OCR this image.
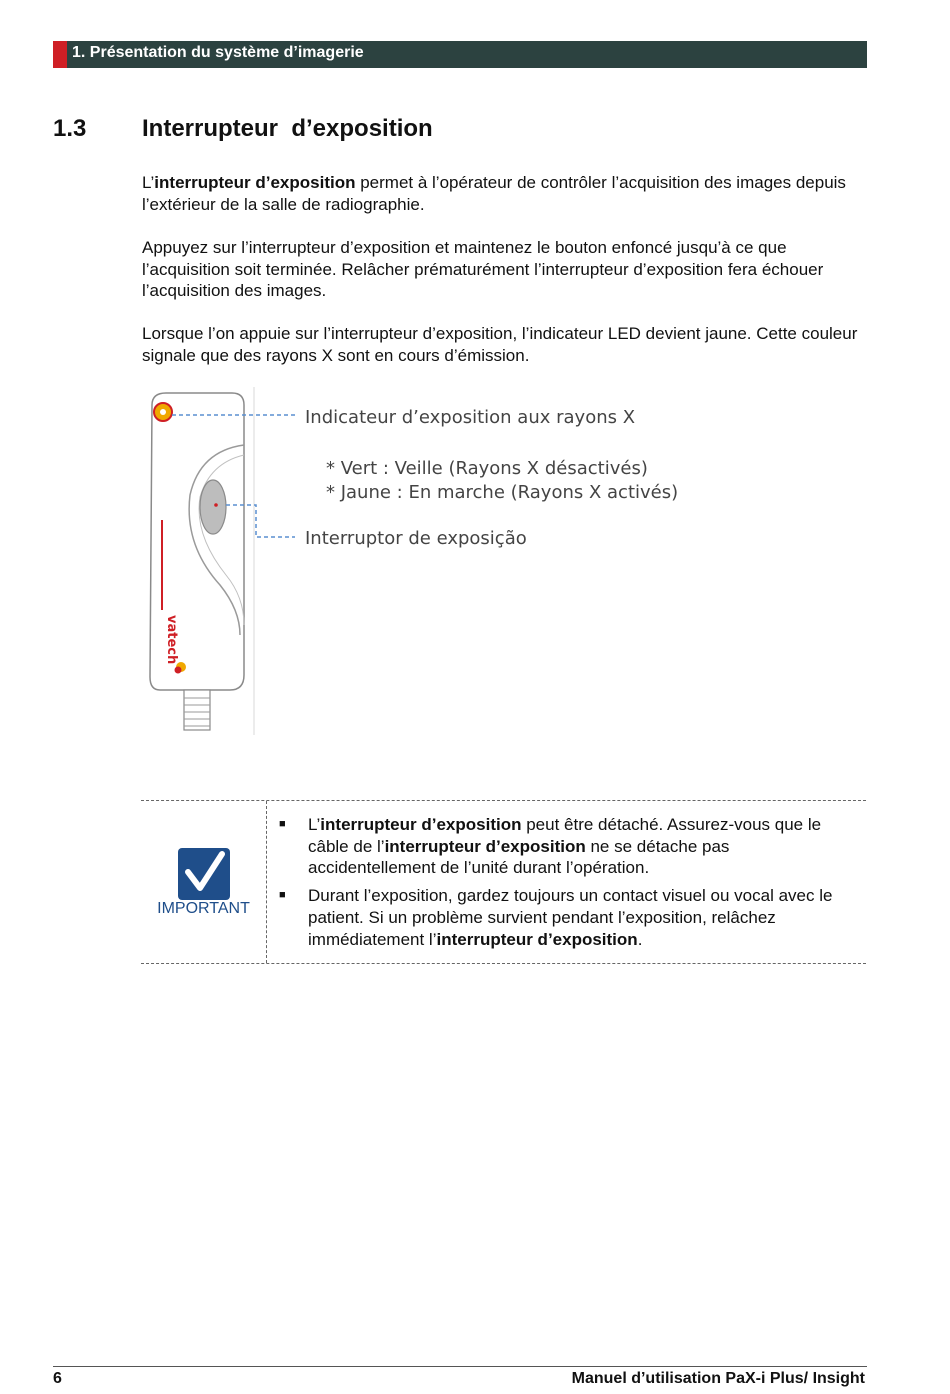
1. Présentation du système d’imagerie
1.3 Interrupteur  d’exposition

L’interrupteur d’exposition permet à l’opérateur de contrôler l’acquisition des images depuis l’extérieur de la salle de radiographie.

Appuyez sur l’interrupteur d’exposition et maintenez le bouton enfoncé jusqu’à ce que l’acquisition soit terminée. Relâcher prématurément l’interrupteur d’exposition fera échouer l’acquisition des images.

Lorsque l’on appuie sur l’interrupteur d’exposition, l’indicateur LED devient jaune. Cette couleur signale que des rayons X sont en cours d’émission.

vatech
Indicateur d’exposition aux rayons X
* Vert : Veille (Rayons X désactivés)
* Jaune : En marche (Rayons X activés)
Interruptor de exposição
IMPORTANT
■ L’interrupteur d’exposition peut être détaché. Assurez-vous que le câble de l’interrupteur d’exposition ne se détache pas accidentellement de l’unité durant l’opération.
■ Durant l’exposition, gardez toujours un contact visuel ou vocal avec le patient. Si un problème survient pendant l’exposition, relâchez immédiatement l’interrupteur d’exposition.
6	Manuel d’utilisation PaX-i Plus/ Insight
